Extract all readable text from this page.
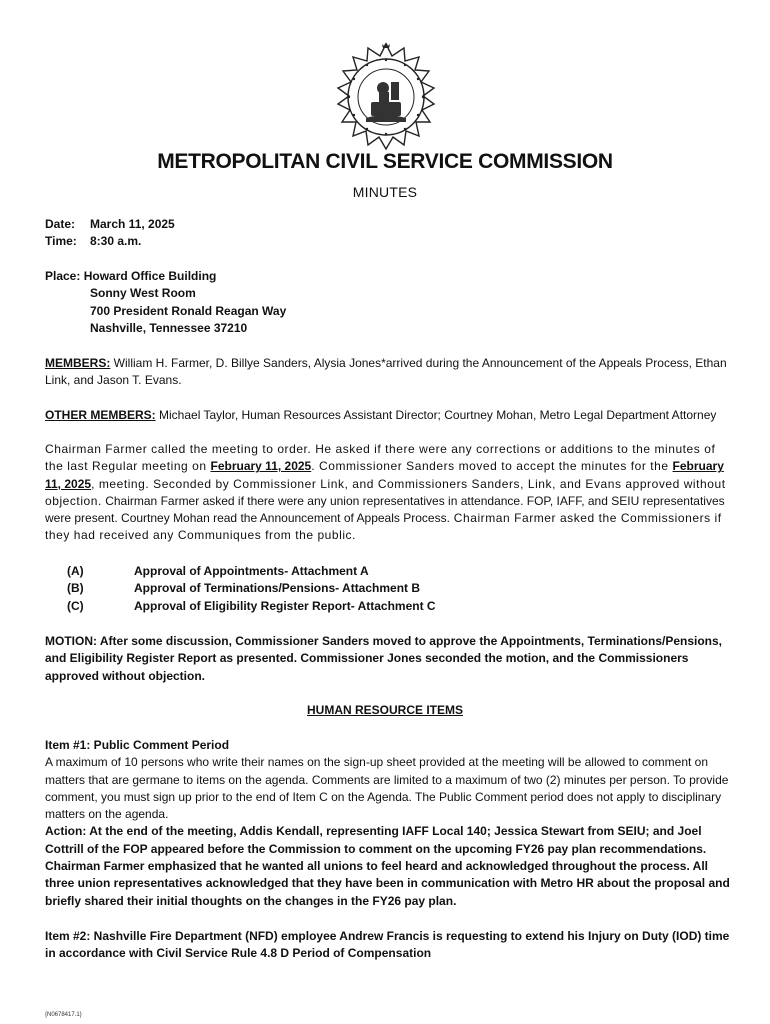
METROPOLITAN CIVIL SERVICE COMMISSION
MINUTES
Date:	March 11, 2025
Time:	8:30 a.m.
Place: Howard Office Building
Sonny West Room
700 President Ronald Reagan Way
Nashville, Tennessee 37210
MEMBERS: William H. Farmer, D. Billye Sanders, Alysia Jones*arrived during the Announcement of the Appeals Process, Ethan Link, and Jason T. Evans.
OTHER MEMBERS: Michael Taylor, Human Resources Assistant Director; Courtney Mohan, Metro Legal Department Attorney
Chairman Farmer called the meeting to order. He asked if there were any corrections or additions to the minutes of the last Regular meeting on February 11, 2025. Commissioner Sanders moved to accept the minutes for the February 11, 2025, meeting. Seconded by Commissioner Link, and Commissioners Sanders, Link, and Evans approved without objection. Chairman Farmer asked if there were any union representatives in attendance. FOP, IAFF, and SEIU representatives were present. Courtney Mohan read the Announcement of Appeals Process. Chairman Farmer asked the Commissioners if they had received any Communiques from the public.
(A)	Approval of Appointments- Attachment A
(B)	Approval of Terminations/Pensions- Attachment B
(C)	Approval of Eligibility Register Report- Attachment C
MOTION: After some discussion, Commissioner Sanders moved to approve the Appointments, Terminations/Pensions, and Eligibility Register Report as presented. Commissioner Jones seconded the motion, and the Commissioners approved without objection.
HUMAN RESOURCE ITEMS
Item #1: Public Comment Period
A maximum of 10 persons who write their names on the sign-up sheet provided at the meeting will be allowed to comment on matters that are germane to items on the agenda. Comments are limited to a maximum of two (2) minutes per person. To provide comment, you must sign up prior to the end of Item C on the Agenda. The Public Comment period does not apply to disciplinary matters on the agenda.
Action: At the end of the meeting, Addis Kendall, representing IAFF Local 140; Jessica Stewart from SEIU; and Joel Cottrill of the FOP appeared before the Commission to comment on the upcoming FY26 pay plan recommendations. Chairman Farmer emphasized that he wanted all unions to feel heard and acknowledged throughout the process. All three union representatives acknowledged that they have been in communication with Metro HR about the proposal and briefly shared their initial thoughts on the changes in the FY26 pay plan.
Item #2: Nashville Fire Department (NFD) employee Andrew Francis is requesting to extend his Injury on Duty (IOD) time in accordance with Civil Service Rule 4.8 D Period of Compensation
{N0678417.1}
